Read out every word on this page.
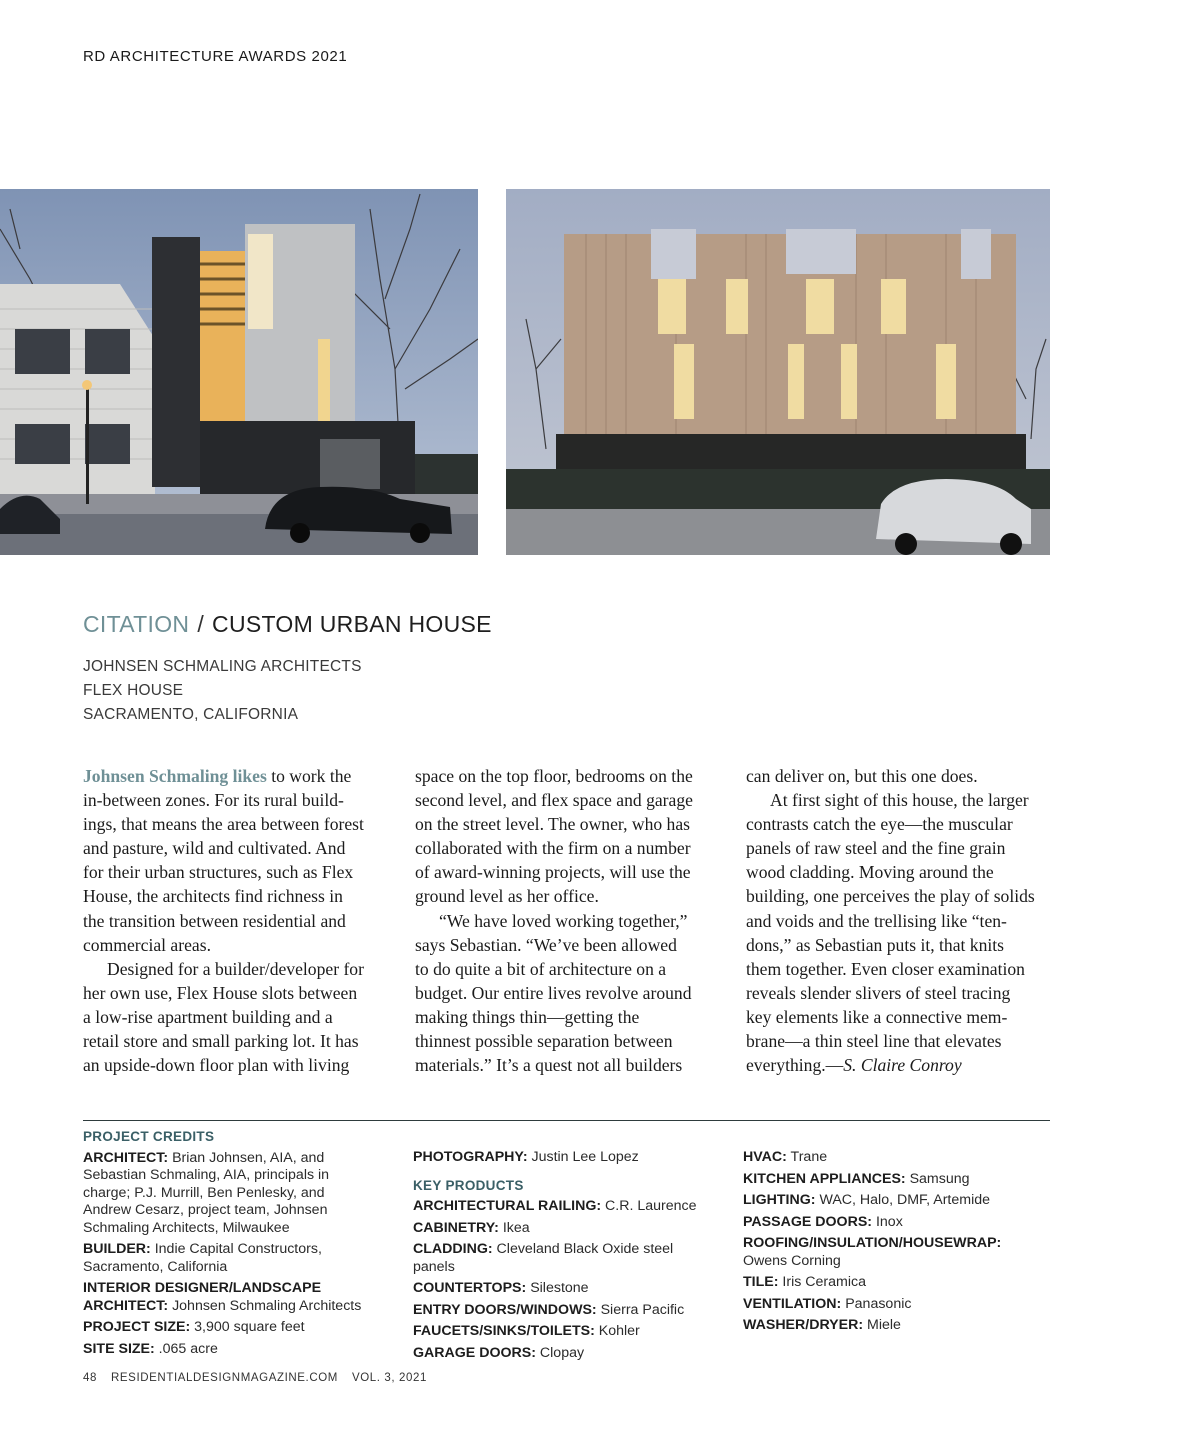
RD ARCHITECTURE AWARDS 2021
CITATION / CUSTOM URBAN HOUSE
JOHNSEN SCHMALING ARCHITECTS
FLEX HOUSE
SACRAMENTO, CALIFORNIA
Johnsen Schmaling likes to work the
in-between zones. For its rural build-
ings, that means the area between forest
and pasture, wild and cultivated. And
for their urban structures, such as Flex
House, the architects find richness in
the transition between residential and
commercial areas.
Designed for a builder/developer for
her own use, Flex House slots between
a low-rise apartment building and a
retail store and small parking lot. It has
an upside-down floor plan with living
space on the top floor, bedrooms on the
second level, and flex space and garage
on the street level. The owner, who has
collaborated with the firm on a number
of award-winning projects, will use the
ground level as her office.
“We have loved working together,”
says Sebastian. “We’ve been allowed
to do quite a bit of architecture on a
budget. Our entire lives revolve around
making things thin—getting the
thinnest possible separation between
materials.” It’s a quest not all builders
can deliver on, but this one does.
At first sight of this house, the larger
contrasts catch the eye—the muscular
panels of raw steel and the fine grain
wood cladding. Moving around the
building, one perceives the play of solids
and voids and the trellising like “ten-
dons,” as Sebastian puts it, that knits
them together. Even closer examination
reveals slender slivers of steel tracing
key elements like a connective mem-
brane—a thin steel line that elevates
everything.—S. Claire Conroy
PROJECT CREDITS
ARCHITECT: Brian Johnsen, AIA, and
Sebastian Schmaling, AIA, principals in
charge; P.J. Murrill, Ben Penlesky, and
Andrew Cesarz, project team, Johnsen
Schmaling Architects, Milwaukee
BUILDER: Indie Capital Constructors,
Sacramento, California
INTERIOR DESIGNER/LANDSCAPE
ARCHITECT: Johnsen Schmaling Architects
PROJECT SIZE: 3,900 square feet
SITE SIZE: .065 acre
PHOTOGRAPHY: Justin Lee Lopez
KEY PRODUCTS
ARCHITECTURAL RAILING: C.R. Laurence
CABINETRY: Ikea
CLADDING: Cleveland Black Oxide steel
panels
COUNTERTOPS: Silestone
ENTRY DOORS/WINDOWS: Sierra Pacific
FAUCETS/SINKS/TOILETS: Kohler
GARAGE DOORS: Clopay
HVAC: Trane
KITCHEN APPLIANCES: Samsung
LIGHTING: WAC, Halo, DMF, Artemide
PASSAGE DOORS: Inox
ROOFING/INSULATION/HOUSEWRAP:
Owens Corning
TILE: Iris Ceramica
VENTILATION: Panasonic
WASHER/DRYER: Miele
48 RESIDENTIALDESIGNMAGAZINE.COM VOL. 3, 2021
